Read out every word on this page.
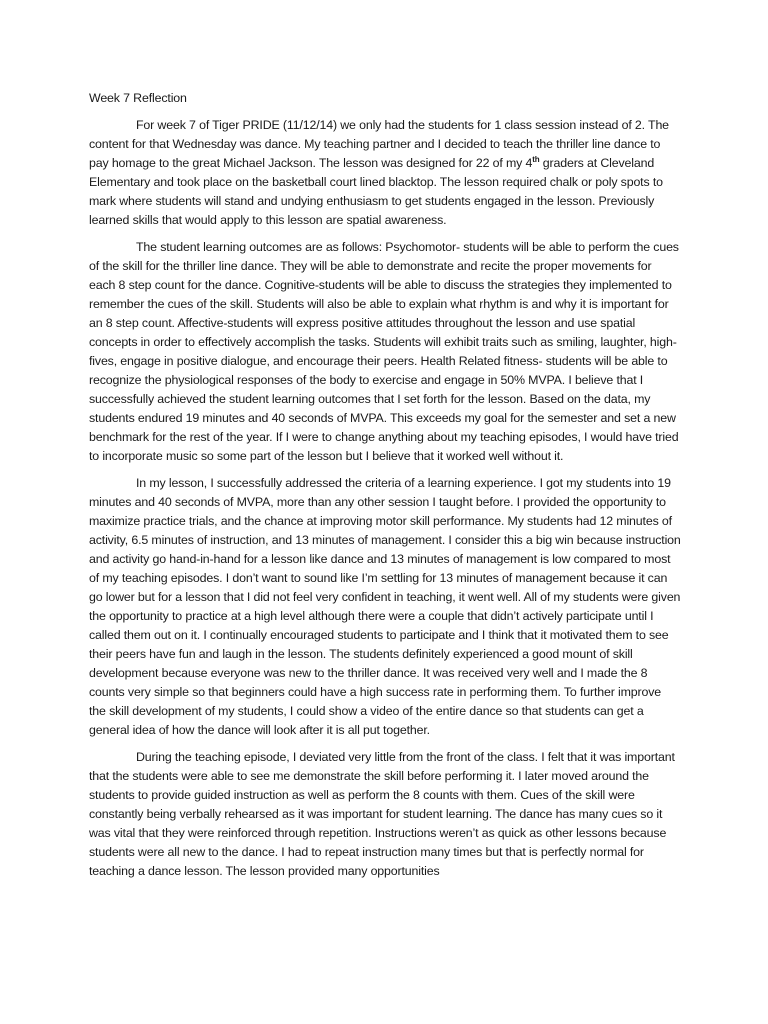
Week 7 Reflection

For week 7 of Tiger PRIDE (11/12/14) we only had the students for 1 class session instead of 2. The content for that Wednesday was dance. My teaching partner and I decided to teach the thriller line dance to pay homage to the great Michael Jackson. The lesson was designed for 22 of my 4th graders at Cleveland Elementary and took place on the basketball court lined blacktop. The lesson required chalk or poly spots to mark where students will stand and undying enthusiasm to get students engaged in the lesson. Previously learned skills that would apply to this lesson are spatial awareness.

The student learning outcomes are as follows: Psychomotor- students will be able to perform the cues of the skill for the thriller line dance. They will be able to demonstrate and recite the proper movements for each 8 step count for the dance. Cognitive-students will be able to discuss the strategies they implemented to remember the cues of the skill. Students will also be able to explain what rhythm is and why it is important for an 8 step count. Affective-students will express positive attitudes throughout the lesson and use spatial concepts in order to effectively accomplish the tasks. Students will exhibit traits such as smiling, laughter, high-fives, engage in positive dialogue, and encourage their peers. Health Related fitness- students will be able to recognize the physiological responses of the body to exercise and engage in 50% MVPA. I believe that I successfully achieved the student learning outcomes that I set forth for the lesson. Based on the data, my students endured 19 minutes and 40 seconds of MVPA. This exceeds my goal for the semester and set a new benchmark for the rest of the year. If I were to change anything about my teaching episodes, I would have tried to incorporate music so some part of the lesson but I believe that it worked well without it.

In my lesson, I successfully addressed the criteria of a learning experience. I got my students into 19 minutes and 40 seconds of MVPA, more than any other session I taught before. I provided the opportunity to maximize practice trials, and the chance at improving motor skill performance. My students had 12 minutes of activity, 6.5 minutes of instruction, and 13 minutes of management. I consider this a big win because instruction and activity go hand-in-hand for a lesson like dance and 13 minutes of management is low compared to most of my teaching episodes. I don’t want to sound like I’m settling for 13 minutes of management because it can go lower but for a lesson that I did not feel very confident in teaching, it went well. All of my students were given the opportunity to practice at a high level although there were a couple that didn’t actively participate until I called them out on it. I continually encouraged students to participate and I think that it motivated them to see their peers have fun and laugh in the lesson. The students definitely experienced a good mount of skill development because everyone was new to the thriller dance. It was received very well and I made the 8 counts very simple so that beginners could have a high success rate in performing them. To further improve the skill development of my students, I could show a video of the entire dance so that students can get a general idea of how the dance will look after it is all put together.

During the teaching episode, I deviated very little from the front of the class. I felt that it was important that the students were able to see me demonstrate the skill before performing it. I later moved around the students to provide guided instruction as well as perform the 8 counts with them. Cues of the skill were constantly being verbally rehearsed as it was important for student learning. The dance has many cues so it was vital that they were reinforced through repetition. Instructions weren’t as quick as other lessons because students were all new to the dance. I had to repeat instruction many times but that is perfectly normal for teaching a dance lesson. The lesson provided many opportunities
